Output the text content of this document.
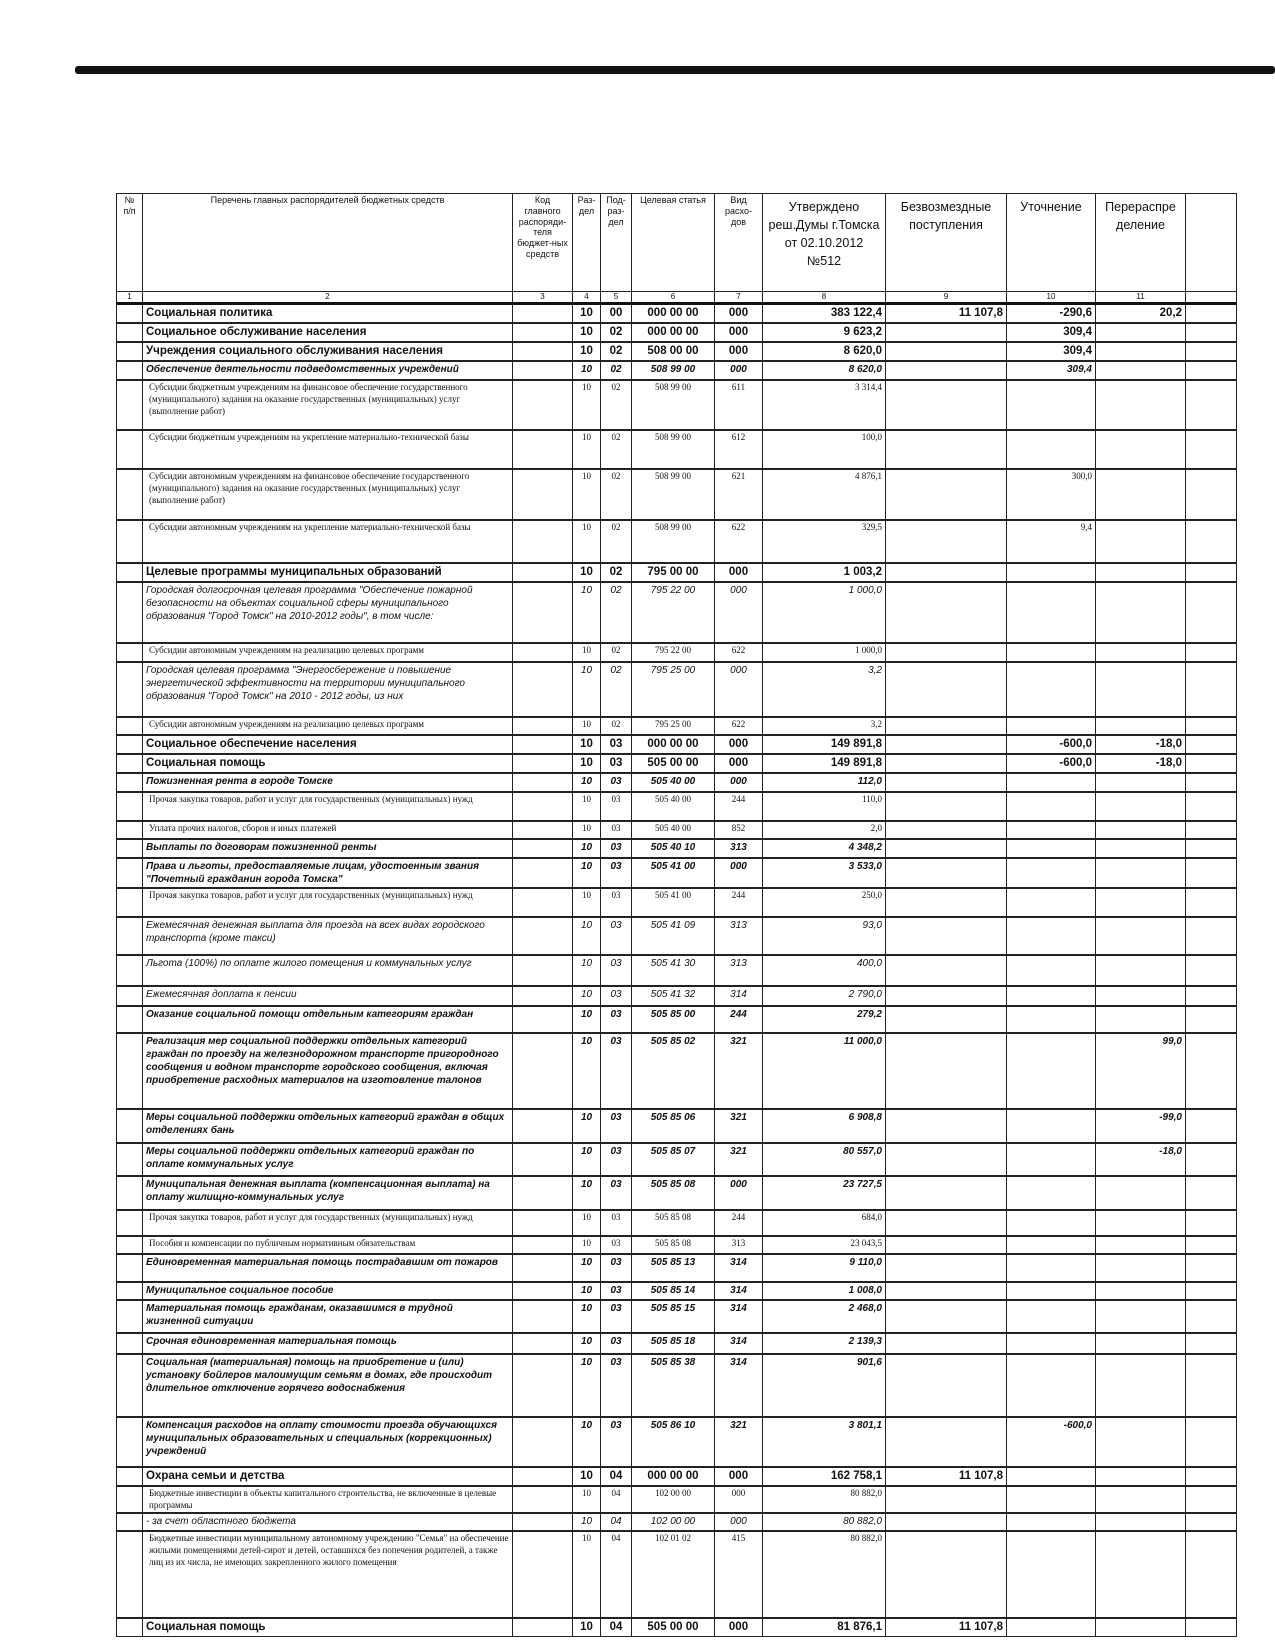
№ п/п	Перечень главных распорядителей бюджетных средств	Код главного распоряди-теля бюджет-ных средств	Раз-дел	Под-раз-дел	Целевая статья	Вид расхо-дов	Утверждено реш.Думы г.Томска от 02.10.2012 №512	Безвозмездные поступления	Уточнение	Перераспре деление	
1	2	3	4	5	6	7	8	9	10	11	
	Социальная политика		10	00	000 00 00	000	383 122,4	11 107,8	-290,6	20,2	
	Социальное обслуживание населения		10	02	000 00 00	000	9 623,2		309,4		
	Учреждения социального обслуживания населения		10	02	508 00 00	000	8 620,0		309,4		
	Обеспечение деятельности подведомственных учреждений		10	02	508 99 00	000	8 620,0		309,4		
	Субсидии бюджетным учреждениям на финансовое обеспечение государственного (муниципального) задания на оказание государственных (муниципальных) услуг (выполнение работ)		10	02	508 99 00	611	3 314,4				
	Субсидии бюджетным учреждениям на укрепление материально-технической базы		10	02	508 99 00	612	100,0				
	Субсидии автономным учреждениям на финансовое обеспечение государственного (муниципального) задания на оказание государственных (муниципальных) услуг (выполнение работ)		10	02	508 99 00	621	4 876,1		300,0		
	Субсидии автономным учреждениям на укрепление материально-технической базы		10	02	508 99 00	622	329,5		9,4		
	Целевые программы муниципальных образований		10	02	795 00 00	000	1 003,2				
	Городская долгосрочная целевая программа "Обеспечение пожарной безопасности на объектах социальной сферы муниципального образования "Город Томск" на 2010-2012 годы", в том числе:		10	02	795 22 00	000	1 000,0				
	Субсидии автономным учреждениям на реализацию целевых программ		10	02	795 22 00	622	1 000,0				
	Городская целевая программа "Энергосбережение и повышение энергетической эффективности на территории муниципального образования "Город Томск" на 2010 - 2012 годы, из них		10	02	795 25 00	000	3,2				
	Субсидии автономным учреждениям на реализацию целевых программ		10	02	795 25 00	622	3,2				
	Социальное обеспечение населения		10	03	000 00 00	000	149 891,8		-600,0	-18,0	
	Социальная помощь		10	03	505 00 00	000	149 891,8		-600,0	-18,0	
	Пожизненная рента в городе Томске		10	03	505 40 00	000	112,0				
	Прочая закупка товаров, работ и услуг для государственных (муниципальных) нужд		10	03	505 40 00	244	110,0				
	Уплата прочих налогов, сборов и иных платежей		10	03	505 40 00	852	2,0				
	Выплаты по договорам пожизненной ренты		10	03	505 40 10	313	4 348,2				
	Права и льготы, предоставляемые лицам, удостоенным звания "Почетный гражданин города Томска"		10	03	505 41 00	000	3 533,0				
	Прочая закупка товаров, работ и услуг для государственных (муниципальных) нужд		10	03	505 41 00	244	250,0				
	Ежемесячная денежная выплата для проезда на всех видах городского транспорта (кроме такси)		10	03	505 41 09	313	93,0				
	Льгота (100%) по оплате жилого помещения и коммунальных услуг		10	03	505 41 30	313	400,0				
	Ежемесячная доплата к пенсии		10	03	505 41 32	314	2 790,0				
	Оказание социальной помощи отдельным категориям граждан		10	03	505 85 00	244	279,2				
	Реализация мер социальной поддержки отдельных категорий граждан по проезду на железнодорожном транспорте пригородного сообщения и водном транспорте городского сообщения, включая приобретение расходных материалов на изготовление талонов		10	03	505 85 02	321	11 000,0			99,0	
	Меры социальной поддержки отдельных категорий граждан в общих отделениях бань		10	03	505 85 06	321	6 908,8			-99,0	
	Меры социальной поддержки отдельных категорий граждан по оплате коммунальных услуг		10	03	505 85 07	321	80 557,0			-18,0	
	Муниципальная денежная выплата (компенсационная выплата) на оплату жилищно-коммунальных услуг		10	03	505 85 08	000	23 727,5				
	Прочая закупка товаров, работ и услуг для государственных (муниципальных) нужд		10	03	505 85 08	244	684,0				
	Пособия и компенсации по публичным нормативным обязательствам		10	03	505 85 08	313	23 043,5				
	Единовременная материальная помощь пострадавшим от пожаров		10	03	505 85 13	314	9 110,0				
	Муниципальное социальное пособие		10	03	505 85 14	314	1 008,0				
	Материальная помощь гражданам, оказавшимся в трудной жизненной ситуации		10	03	505 85 15	314	2 468,0				
	Срочная единовременная материальная помощь		10	03	505 85 18	314	2 139,3				
	Социальная (материальная) помощь на приобретение и (или) установку бойлеров малоимущим семьям в домах, где происходит длительное отключение горячего водоснабжения		10	03	505 85 38	314	901,6				
	Компенсация расходов на оплату стоимости проезда обучающихся муниципальных образовательных и специальных (коррекционных) учреждений		10	03	505 86 10	321	3 801,1		-600,0		
	Охрана семьи и детства		10	04	000 00 00	000	162 758,1	11 107,8			
	Бюджетные инвестиции в объекты капитального строительства, не включенные в целевые программы		10	04	102 00 00	000	80 882,0				
	- за счет областного бюджета		10	04	102 00 00	000	80 882,0				
	Бюджетные инвестиции муниципальному автономному учреждению "Семья" на обеспечение жилыми помещениями детей-сирот и детей, оставшихся без попечения родителей, а также лиц из их числа, не имеющих закрепленного жилого помещения		10	04	102 01 02	415	80 882,0				
	Социальная помощь		10	04	505 00 00	000	81 876,1	11 107,8			
